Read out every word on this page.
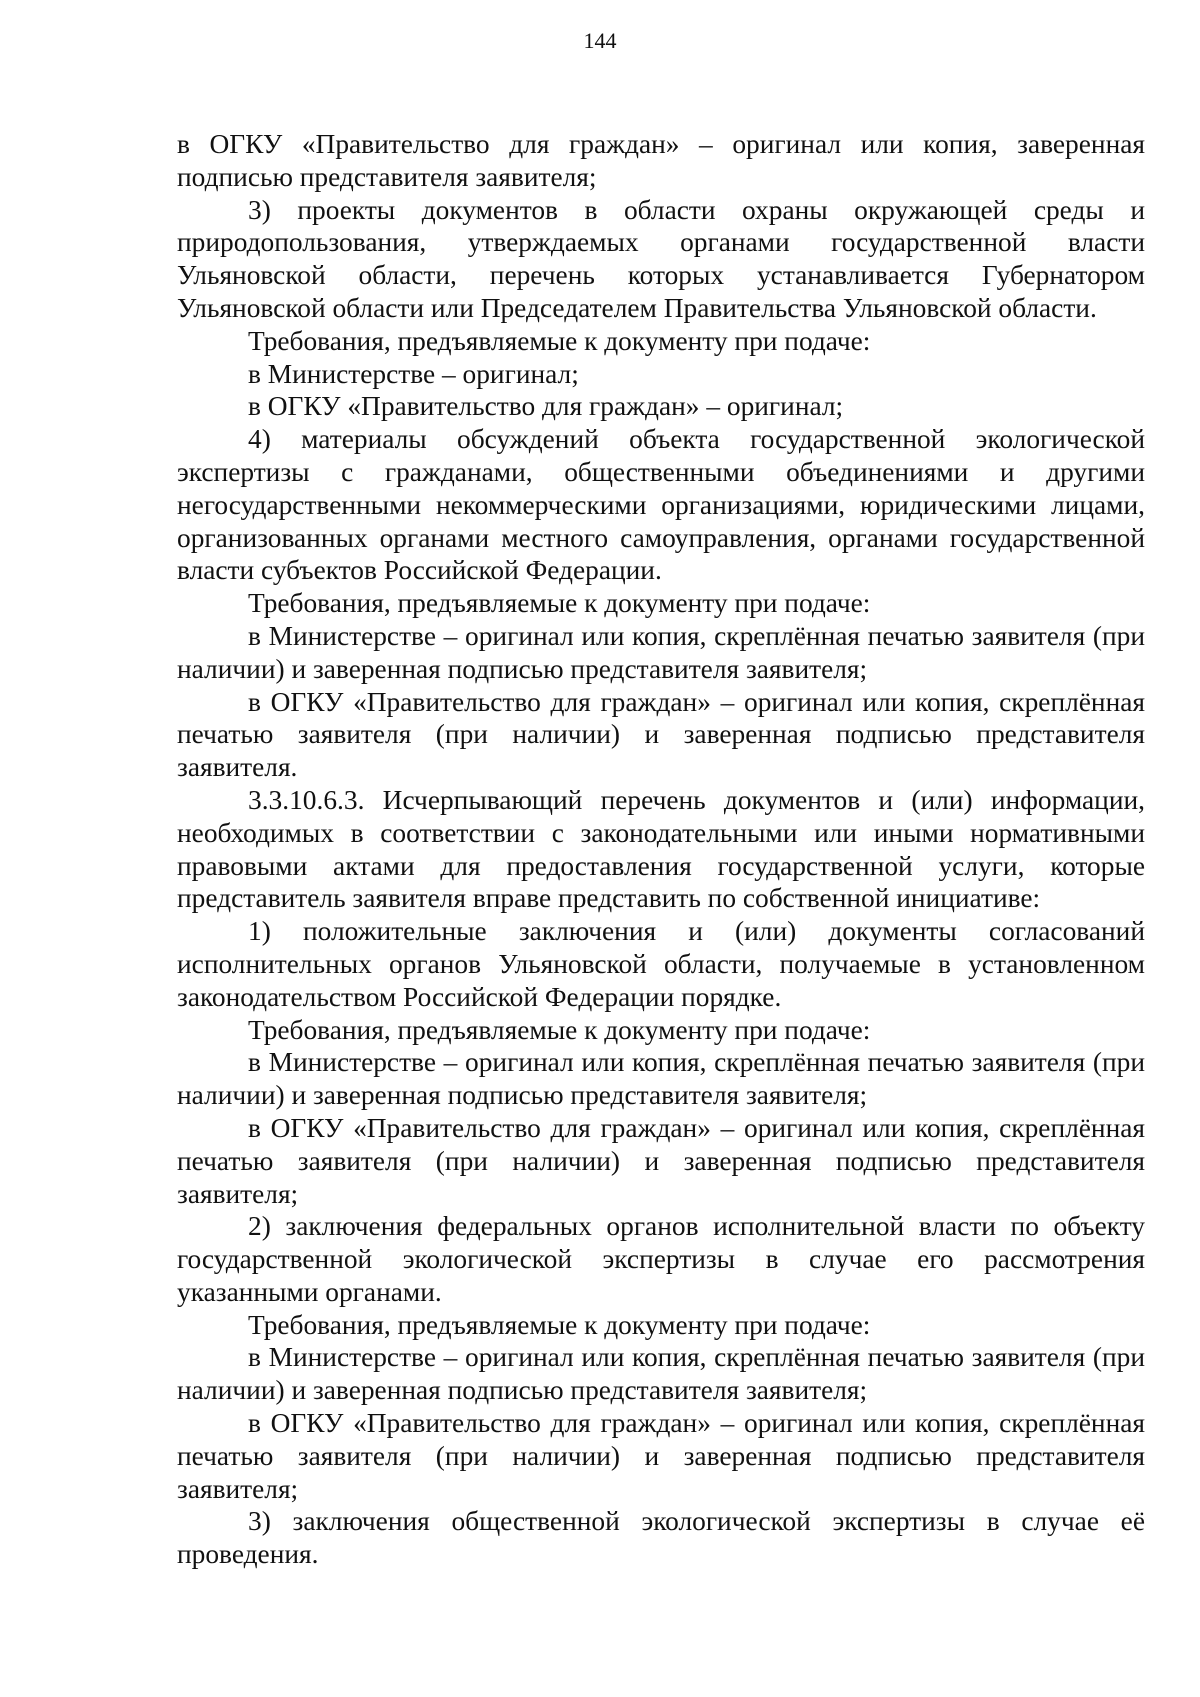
144

в ОГКУ «Правительство для граждан» – оригинал или копия, заверенная подписью представителя заявителя;

3) проекты документов в области охраны окружающей среды и природопользования, утверждаемых органами государственной власти Ульяновской области, перечень которых устанавливается Губернатором Ульяновской области или Председателем Правительства Ульяновской области.

Требования, предъявляемые к документу при подаче:

в Министерстве – оригинал;

в ОГКУ «Правительство для граждан» – оригинал;

4) материалы обсуждений объекта государственной экологической экспертизы с гражданами, общественными объединениями и другими негосударственными некоммерческими организациями, юридическими лицами, организованных органами местного самоуправления, органами государственной власти субъектов Российской Федерации.

Требования, предъявляемые к документу при подаче:

в Министерстве – оригинал или копия, скреплённая печатью заявителя (при наличии) и заверенная подписью представителя заявителя;

в ОГКУ «Правительство для граждан» – оригинал или копия, скреплённая печатью заявителя (при наличии) и заверенная подписью представителя заявителя.

3.3.10.6.3. Исчерпывающий перечень документов и (или) информации, необходимых в соответствии с законодательными или иными нормативными правовыми актами для предоставления государственной услуги, которые представитель заявителя вправе представить по собственной инициативе:

1) положительные заключения и (или) документы согласований исполнительных органов Ульяновской области, получаемые в установленном законодательством Российской Федерации порядке.

Требования, предъявляемые к документу при подаче:

в Министерстве – оригинал или копия, скреплённая печатью заявителя (при наличии) и заверенная подписью представителя заявителя;

в ОГКУ «Правительство для граждан» – оригинал или копия, скреплённая печатью заявителя (при наличии) и заверенная подписью представителя заявителя;

2) заключения федеральных органов исполнительной власти по объекту государственной экологической экспертизы в случае его рассмотрения указанными органами.

Требования, предъявляемые к документу при подаче:

в Министерстве – оригинал или копия, скреплённая печатью заявителя (при наличии) и заверенная подписью представителя заявителя;

в ОГКУ «Правительство для граждан» – оригинал или копия, скреплённая печатью заявителя (при наличии) и заверенная подписью представителя заявителя;

3) заключения общественной экологической экспертизы в случае её проведения.
